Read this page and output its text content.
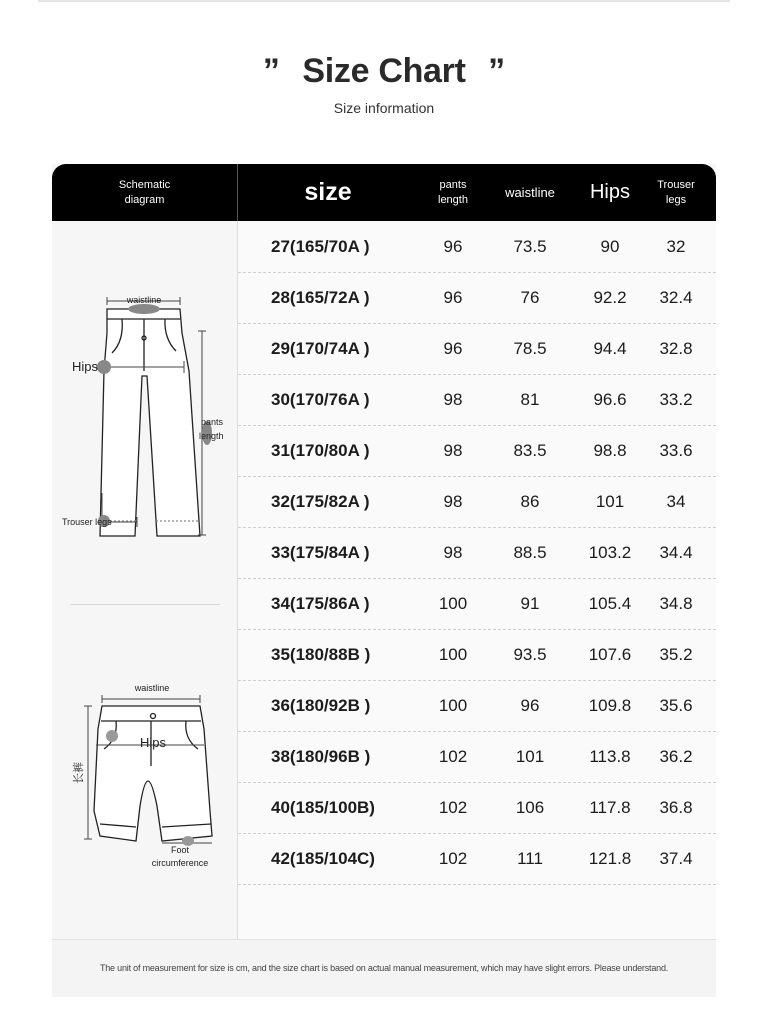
” Size Chart ”
Size information
Schematic diagram	size	pants length	waistline	Hips	Trouser legs
waistline
Hips
pants
length
Trouser legs
waistline
Hips
长裤
Foot
circumference
27(165/70A )	96	73.5	90	32
28(165/72A )	96	76	92.2	32.4
29(170/74A )	96	78.5	94.4	32.8
30(170/76A )	98	81	96.6	33.2
31(170/80A )	98	83.5	98.8	33.6
32(175/82A )	98	86	101	34
33(175/84A )	98	88.5	103.2	34.4
34(175/86A )	100	91	105.4	34.8
35(180/88B )	100	93.5	107.6	35.2
36(180/92B )	100	96	109.8	35.6
38(180/96B )	102	101	113.8	36.2
40(185/100B)	102	106	117.8	36.8
42(185/104C)	102	111	121.8	37.4
The unit of measurement for size is cm, and the size chart is based on actual manual measurement, which may have slight errors. Please understand.
